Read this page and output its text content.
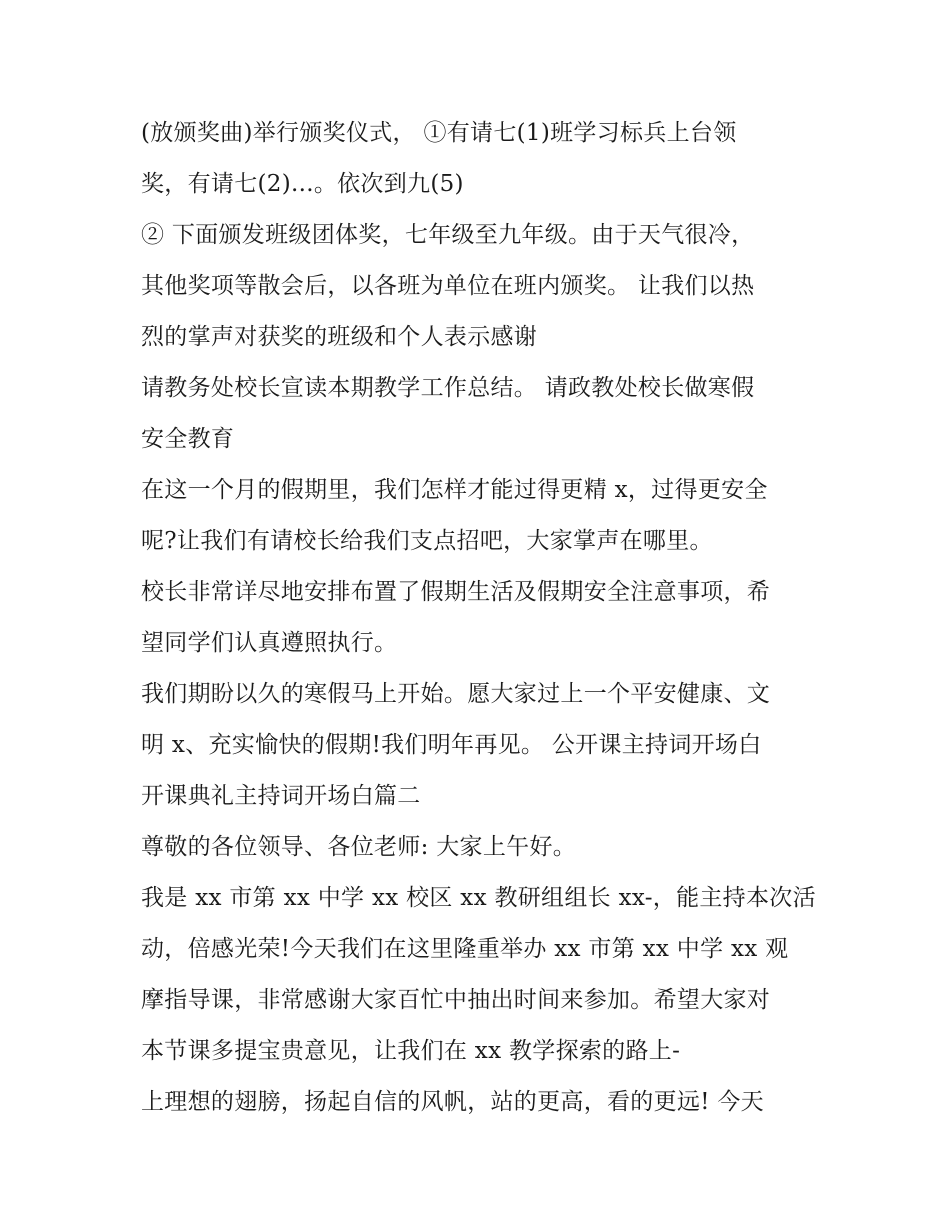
(放颁奖曲)举行颁奖仪式， ①有请七(1)班学习标兵上台领
奖，有请七(2)...。依次到九(5)
② 下面颁发班级团体奖，七年级至九年级。由于天气很冷，
其他奖项等散会后，以各班为单位在班内颁奖。 让我们以热
烈的掌声对获奖的班级和个人表示感谢
请教务处校长宣读本期教学工作总结。 请政教处校长做寒假
安全教育
在这一个月的假期里，我们怎样才能过得更精 x，过得更安全
呢?让我们有请校长给我们支点招吧，大家掌声在哪里。
校长非常详尽地安排布置了假期生活及假期安全注意事项，希
望同学们认真遵照执行。
我们期盼以久的寒假马上开始。愿大家过上一个平安健康、文
明 x、充实愉快的假期!我们明年再见。 公开课主持词开场白
开课典礼主持词开场白篇二
尊敬的各位领导、各位老师: 大家上午好。
我是 xx 市第 xx 中学 xx 校区 xx 教研组组长 xx-，能主持本次活
动，倍感光荣!今天我们在这里隆重举办 xx 市第 xx 中学 xx 观
摩指导课，非常感谢大家百忙中抽出时间来参加。希望大家对
本节课多提宝贵意见，让我们在 xx 教学探索的路上-
上理想的翅膀，扬起自信的风帆，站的更高，看的更远! 今天
